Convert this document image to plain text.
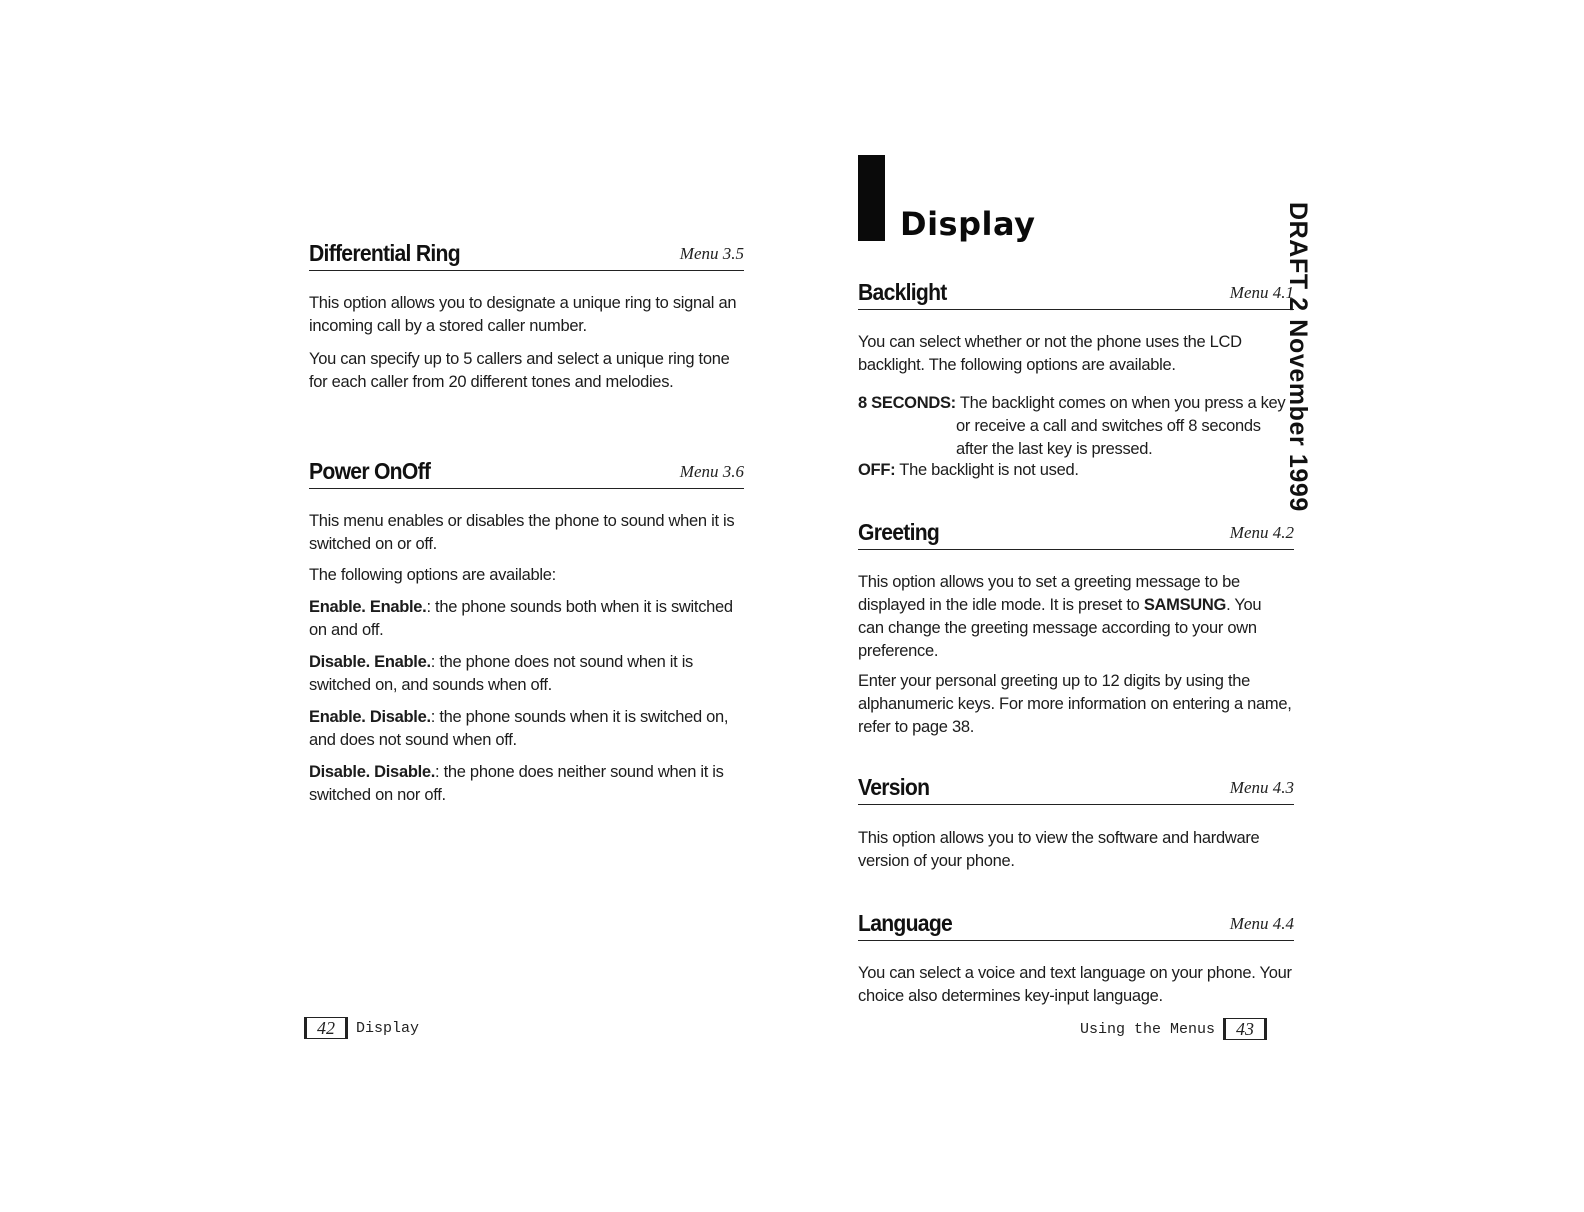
Differential Ring	Menu 3.5

This option allows you to designate a unique ring to signal an incoming call by a stored caller number.

You can specify up to 5 callers and select a unique ring tone for each caller from 20 different tones and melodies.

Power OnOff	Menu 3.6

This menu enables or disables the phone to sound when it is switched on or off.

The following options are available:

Enable. Enable.: the phone sounds both when it is switched on and off.

Disable. Enable.: the phone does not sound when it is switched on, and sounds when off.

Enable. Disable.: the phone sounds when it is switched on, and does not sound when off.

Disable. Disable.: the phone does neither sound when it is switched on nor off.

42	Display
Display
Backlight	Menu 4.1

You can select whether or not the phone uses the LCD backlight. The following options are available.

8 SECONDS: The backlight comes on when you press a key
or receive a call and switches off 8 seconds
after the last key is pressed.

OFF: The backlight is not used.

Greeting	Menu 4.2

This option allows you to set a greeting message to be displayed in the idle mode. It is preset to SAMSUNG. You can change the greeting message according to your own preference.

Enter your personal greeting up to 12 digits by using the alphanumeric keys. For more information on entering a name, refer to page 38.

Version	Menu 4.3

This option allows you to view the software and hardware version of your phone.

Language	Menu 4.4

You can select a voice and text language on your phone. Your choice also determines key-input language.

Using the Menus	43
DRAFT 2 November 1999
